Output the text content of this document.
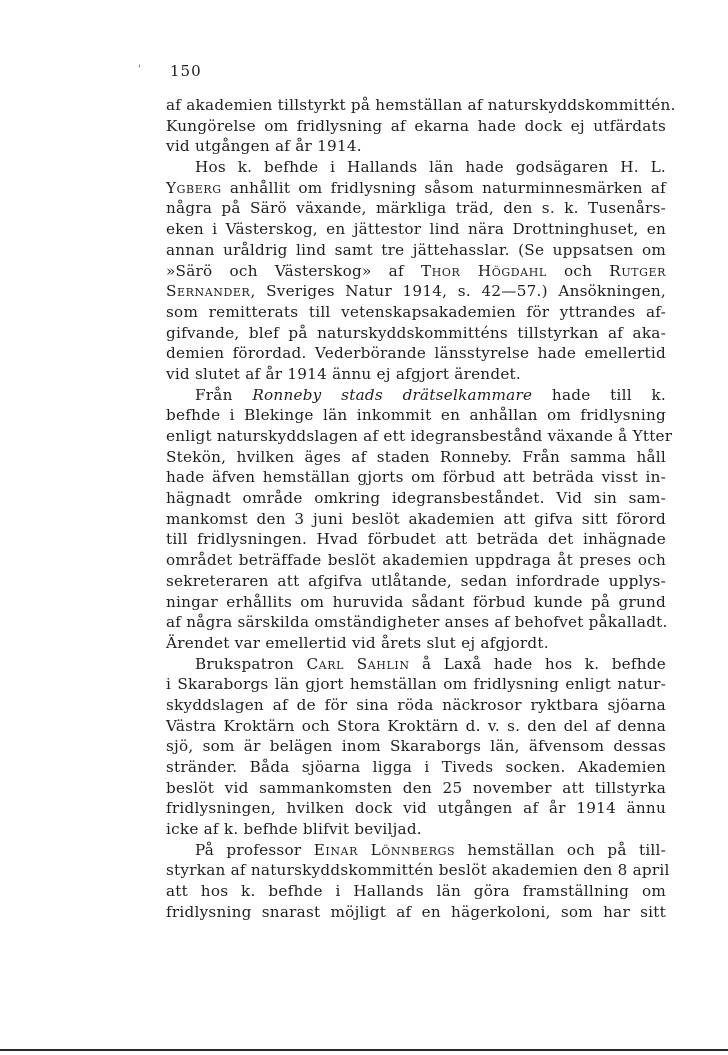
' 150
af akademien tillstyrkt på hemställan af naturskyddskommittén.
Kungörelse om fridlysning af ekarna hade dock ej utfärdats
vid utgången af år 1914.
Hos k. befhde i Hallands län hade godsägaren H. L.
Ygberg anhållit om fridlysning såsom naturminnesmärken af
några på Särö växande, märkliga träd, den s. k. Tusenårs-
eken i Västerskog, en jättestor lind nära Drottninghuset, en
annan uråldrig lind samt tre jättehasslar. (Se uppsatsen om
»Särö och Västerskog» af Thor Högdahl och Rutger
Sernander, Sveriges Natur 1914, s. 42—57.) Ansökningen,
som remitterats till vetenskapsakademien för yttrandes af-
gifvande, blef på naturskyddskommitténs tillstyrkan af aka-
demien förordad. Vederbörande länsstyrelse hade emellertid
vid slutet af år 1914 ännu ej afgjort ärendet.
Från Ronneby stads drätselkammare hade till k.
befhde i Blekinge län inkommit en anhållan om fridlysning
enligt naturskyddslagen af ett idegransbestånd växande å Ytter
Stekön, hvilken äges af staden Ronneby. Från samma håll
hade äfven hemställan gjorts om förbud att beträda visst in-
hägnadt område omkring idegransbeståndet. Vid sin sam-
mankomst den 3 juni beslöt akademien att gifva sitt förord
till fridlysningen. Hvad förbudet att beträda det inhägnade
området beträffade beslöt akademien uppdraga åt preses och
sekreteraren att afgifva utlåtande, sedan infordrade upplys-
ningar erhållits om huruvida sådant förbud kunde på grund
af några särskilda omständigheter anses af behofvet påkalladt.
Ärendet var emellertid vid årets slut ej afgjordt.
Brukspatron Carl Sahlin å Laxå hade hos k. befhde
i Skaraborgs län gjort hemställan om fridlysning enligt natur-
skyddslagen af de för sina röda näckrosor ryktbara sjöarna
Västra Kroktärn och Stora Kroktärn d. v. s. den del af denna
sjö, som är belägen inom Skaraborgs län, äfvensom dessas
stränder. Båda sjöarna ligga i Tiveds socken. Akademien
beslöt vid sammankomsten den 25 november att tillstyrka
fridlysningen, hvilken dock vid utgången af år 1914 ännu
icke af k. befhde blifvit beviljad.
På professor Einar Lönnbergs hemställan och på till-
styrkan af naturskyddskommittén beslöt akademien den 8 april
att hos k. befhde i Hallands län göra framställning om
fridlysning snarast möjligt af en hägerkoloni, som har sitt
